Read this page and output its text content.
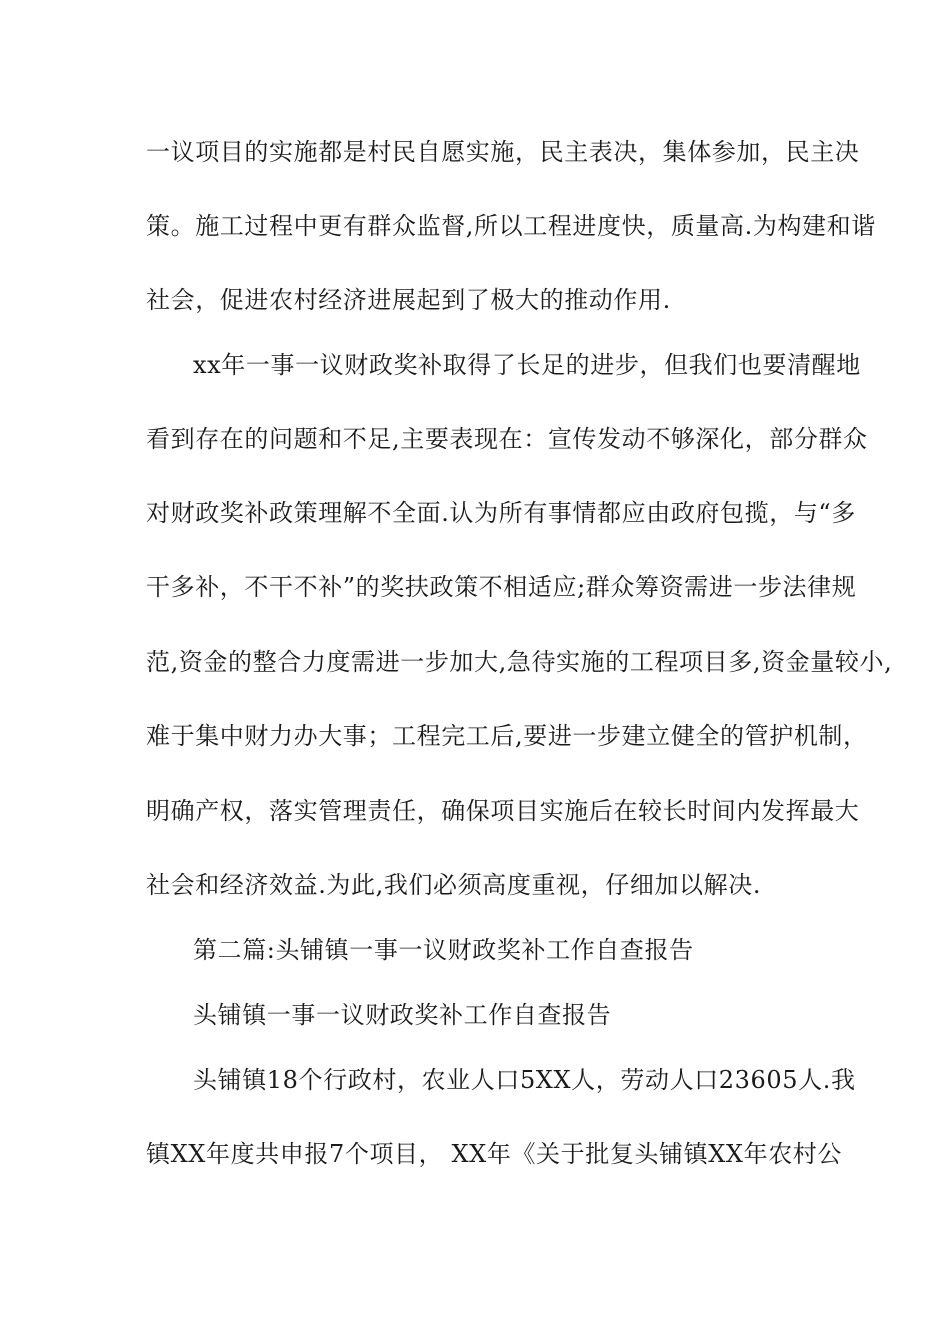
一议项目的实施都是村民自愿实施，民主表决，集体参加，民主决
策。施工过程中更有群众监督,所以工程进度快，质量高.为构建和谐
社会，促进农村经济进展起到了极大的推动作用.
xx年一事一议财政奖补取得了长足的进步，但我们也要清醒地
看到存在的问题和不足,主要表现在：宣传发动不够深化，部分群众
对财政奖补政策理解不全面.认为所有事情都应由政府包揽，与“多
干多补，不干不补”的奖扶政策不相适应;群众筹资需进一步法律规
范,资金的整合力度需进一步加大,急待实施的工程项目多,资金量较小,
难于集中财力办大事；工程完工后,要进一步建立健全的管护机制，
明确产权，落实管理责任，确保项目实施后在较长时间内发挥最大
社会和经济效益.为此,我们必须高度重视，仔细加以解决.
第二篇:头铺镇一事一议财政奖补工作自查报告
头铺镇一事一议财政奖补工作自查报告
头铺镇18个行政村，农业人口5XX人，劳动人口23605人.我
镇XX年度共申报7个项目， XX年《关于批复头铺镇XX年农村公
